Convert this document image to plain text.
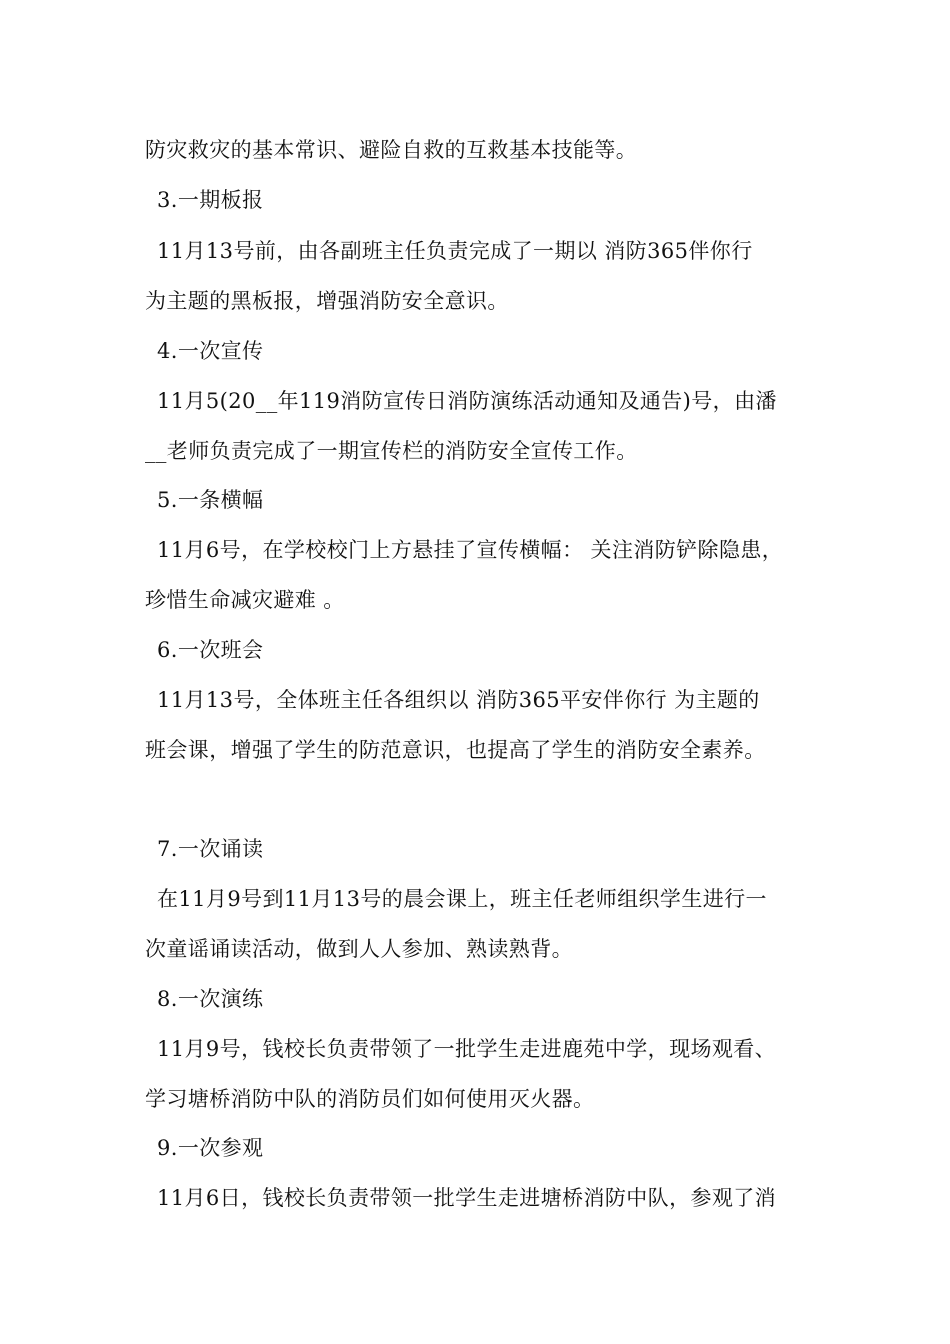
防灾救灾的基本常识、避险自救的互救基本技能等。
3.一期板报
11月13号前，由各副班主任负责完成了一期以 消防365伴你行
为主题的黑板报，增强消防安全意识。
4.一次宣传
11月5(20__年119消防宣传日消防演练活动通知及通告)号，由潘
__老师负责完成了一期宣传栏的消防安全宣传工作。
5.一条横幅
11月6号，在学校校门上方悬挂了宣传横幅： 关注消防铲除隐患，
珍惜生命减灾避难 。
6.一次班会
11月13号，全体班主任各组织以 消防365平安伴你行 为主题的
班会课，增强了学生的防范意识，也提高了学生的消防安全素养。
7.一次诵读
在11月9号到11月13号的晨会课上，班主任老师组织学生进行一
次童谣诵读活动，做到人人参加、熟读熟背。
8.一次演练
11月9号，钱校长负责带领了一批学生走进鹿苑中学，现场观看、
学习塘桥消防中队的消防员们如何使用灭火器。
9.一次参观
11月6日，钱校长负责带领一批学生走进塘桥消防中队，参观了消
